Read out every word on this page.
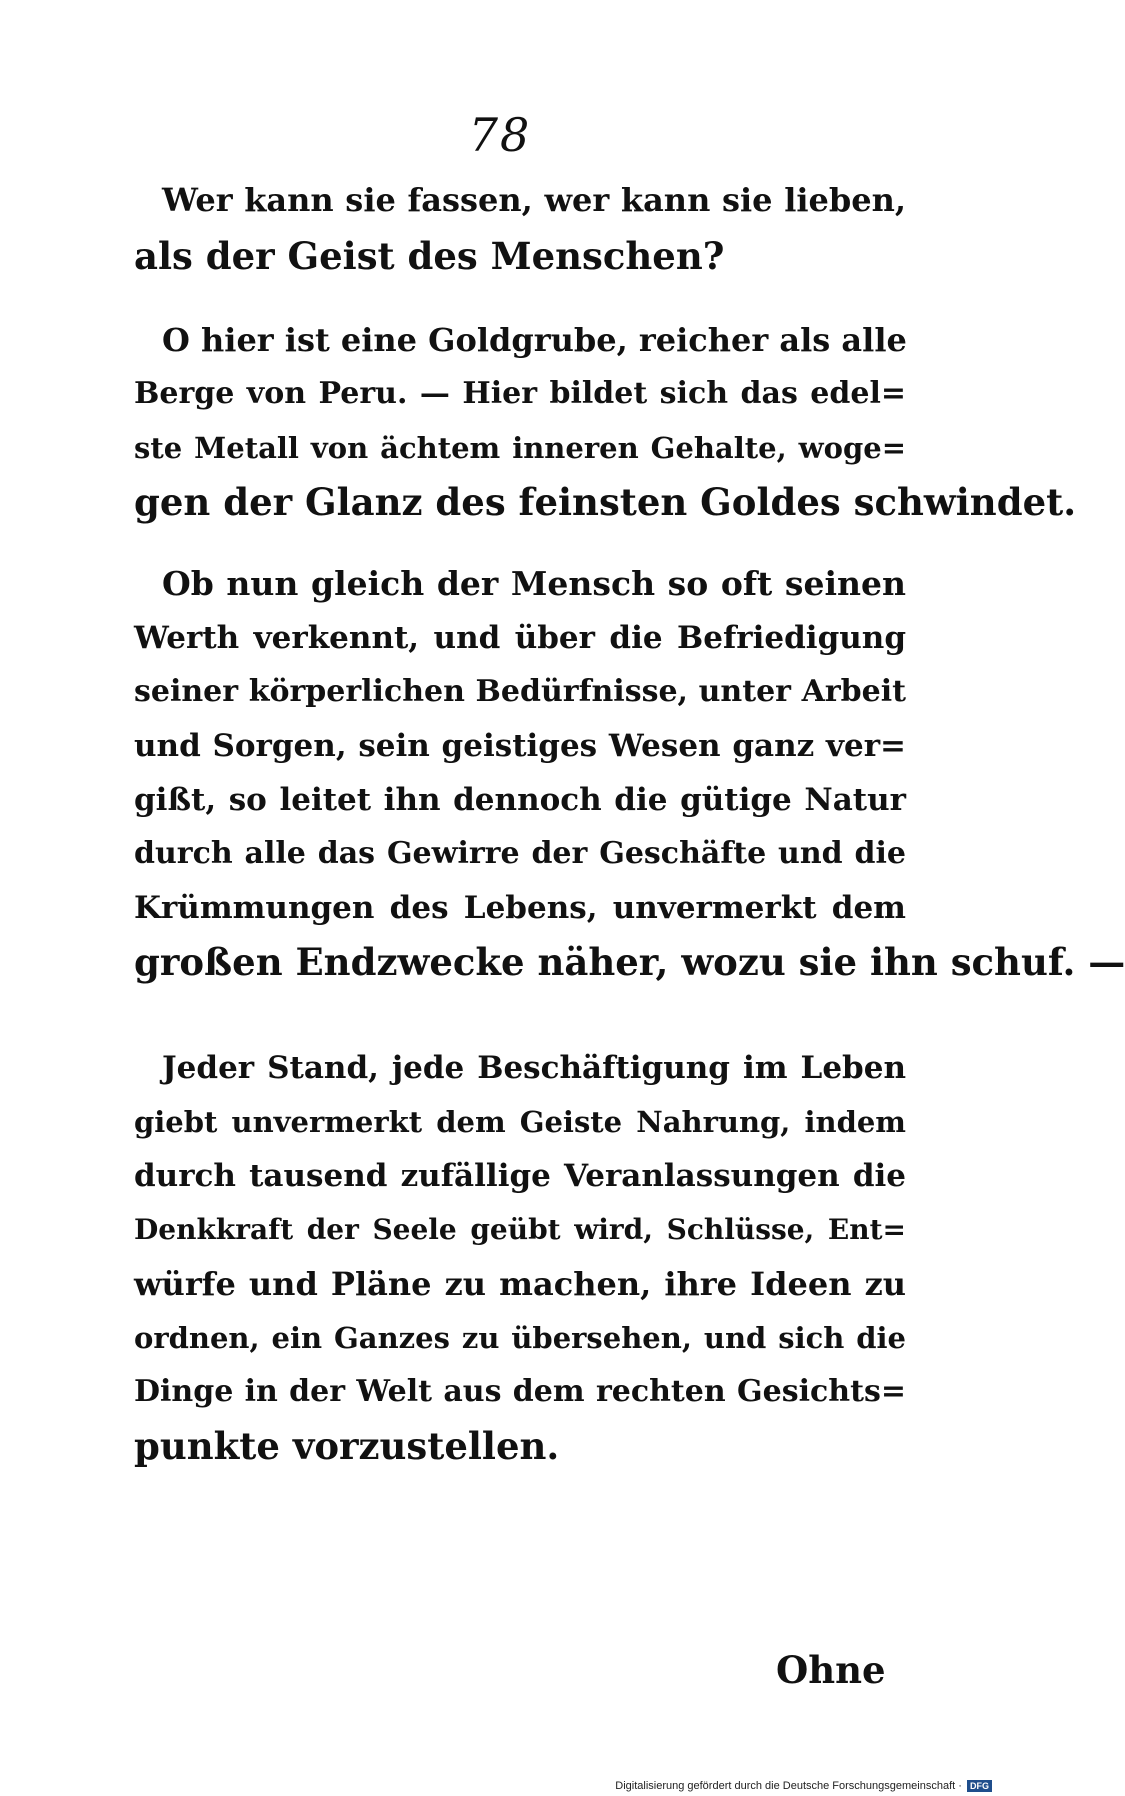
78
Wer kann sie fassen, wer kann sie lieben,
als der Geist des Menschen?
O hier ist eine Goldgrube, reicher als alle
Berge von Peru. — Hier bildet sich das edel=
ste Metall von ächtem inneren Gehalte, woge=
gen der Glanz des feinsten Goldes schwindet.
Ob nun gleich der Mensch so oft seinen
Werth verkennt, und über die Befriedigung
seiner körperlichen Bedürfnisse, unter Arbeit
und Sorgen, sein geistiges Wesen ganz ver=
gißt, so leitet ihn dennoch die gütige Natur
durch alle das Gewirre der Geschäfte und die
Krümmungen des Lebens, unvermerkt dem
großen Endzwecke näher, wozu sie ihn schuf. —
Jeder Stand, jede Beschäftigung im Leben
giebt unvermerkt dem Geiste Nahrung, indem
durch tausend zufällige Veranlassungen die
Denkkraft der Seele geübt wird, Schlüsse, Ent=
würfe und Pläne zu machen, ihre Ideen zu
ordnen, ein Ganzes zu übersehen, und sich die
Dinge in der Welt aus dem rechten Gesichts=
punkte vorzustellen.
Ohne
Digitalisierung gefördert durch die Deutsche Forschungsgemeinschaft · DFG
